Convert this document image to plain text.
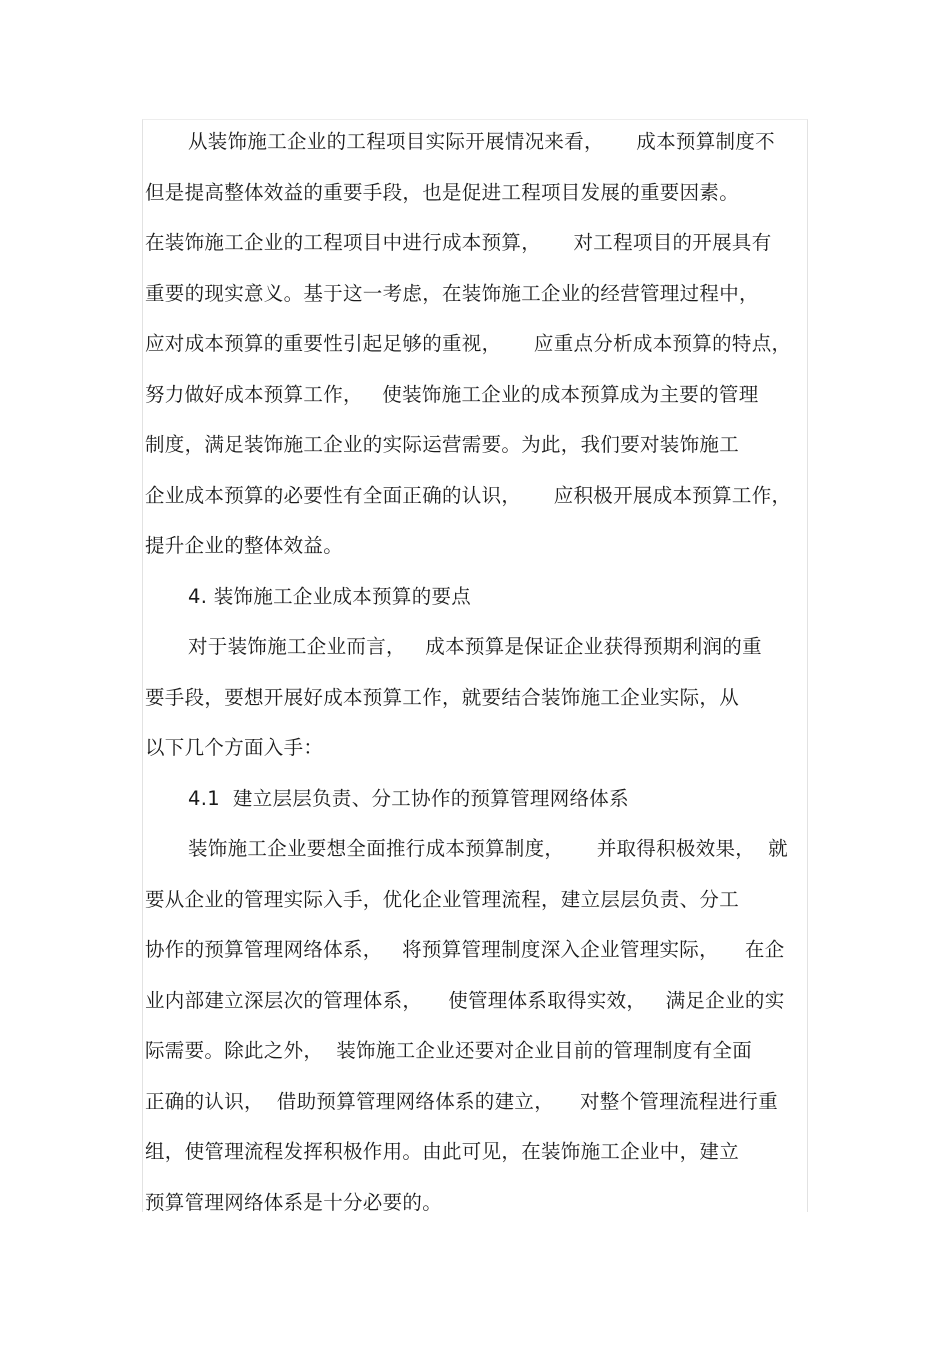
从装饰施工企业的工程项目实际开展情况来看，     成本预算制度不
但是提高整体效益的重要手段，也是促进工程项目发展的重要因素。
在装饰施工企业的工程项目中进行成本预算，     对工程项目的开展具有
重要的现实意义。基于这一考虑，在装饰施工企业的经营管理过程中，
应对成本预算的重要性引起足够的重视，     应重点分析成本预算的特点，
努力做好成本预算工作，   使装饰施工企业的成本预算成为主要的管理
制度，满足装饰施工企业的实际运营需要。为此，我们要对装饰施工
企业成本预算的必要性有全面正确的认识，     应积极开展成本预算工作，
提升企业的整体效益。
4. 装饰施工企业成本预算的要点
对于装饰施工企业而言，   成本预算是保证企业获得预期利润的重
要手段，要想开展好成本预算工作，就要结合装饰施工企业实际，从
以下几个方面入手：
4.1  建立层层负责、分工协作的预算管理网络体系
装饰施工企业要想全面推行成本预算制度，     并取得积极效果，  就
要从企业的管理实际入手，优化企业管理流程，建立层层负责、分工
协作的预算管理网络体系，   将预算管理制度深入企业管理实际，    在企
业内部建立深层次的管理体系，    使管理体系取得实效，   满足企业的实
际需要。除此之外，  装饰施工企业还要对企业目前的管理制度有全面
正确的认识，  借助预算管理网络体系的建立，    对整个管理流程进行重
组，使管理流程发挥积极作用。由此可见，在装饰施工企业中，建立
预算管理网络体系是十分必要的。
